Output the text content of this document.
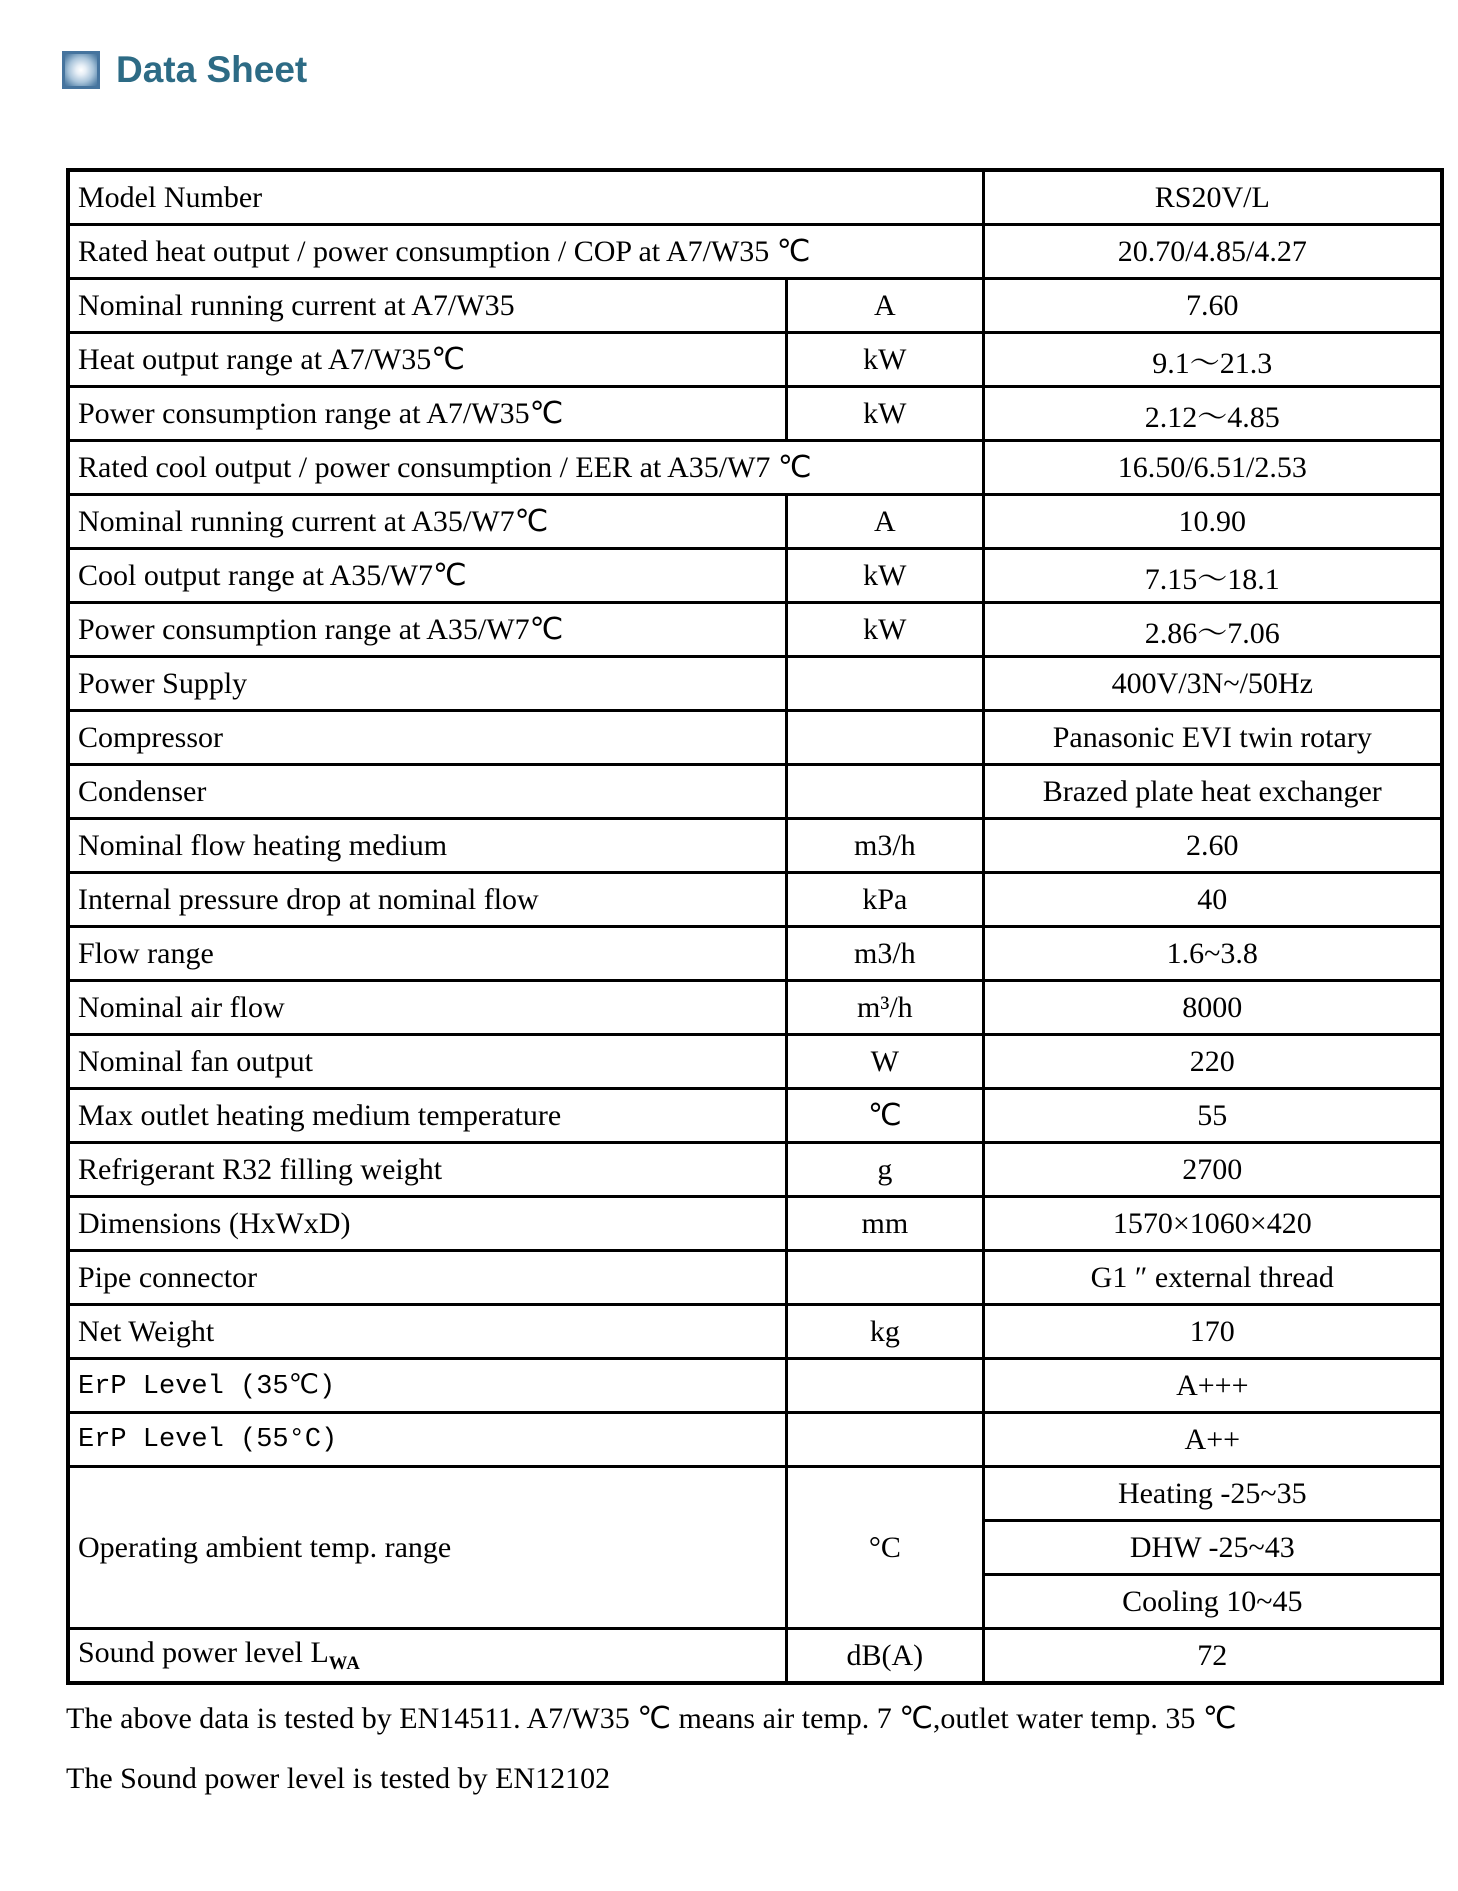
Data Sheet
Model Number		RS20V/L
Rated heat output / power consumption / COP at A7/W35 ℃		20.70/4.85/4.27
Nominal running current at A7/W35	A	7.60
Heat output range at A7/W35℃	kW	9.1～21.3
Power consumption range at A7/W35℃	kW	2.12～4.85
Rated cool output / power consumption / EER at A35/W7 ℃		16.50/6.51/2.53
Nominal running current at A35/W7℃	A	10.90
Cool output range at A35/W7℃	kW	7.15～18.1
Power consumption range at A35/W7℃	kW	2.86～7.06
Power Supply		400V/3N~/50Hz
Compressor		Panasonic EVI twin rotary
Condenser		Brazed plate heat exchanger
Nominal flow heating medium	m3/h	2.60
Internal pressure drop at nominal flow	kPa	40
Flow range	m3/h	1.6~3.8
Nominal air flow	m³/h	8000
Nominal fan output	W	220
Max outlet heating medium temperature	℃	55
Refrigerant R32 filling weight	g	2700
Dimensions (HxWxD)	mm	1570×1060×420
Pipe connector		G1 ″ external thread
Net Weight	kg	170
ErP Level (35℃)		A+++
ErP Level (55°C)		A++
Operating ambient temp. range	°C	Heating -25~35
		DHW -25~43
		Cooling 10~45
Sound power level $L_{WA}$	dB(A)	72
The above data is tested by EN14511. A7/W35 ℃ means air temp. 7 ℃,outlet water temp. 35 ℃
The Sound power level is tested by EN12102
